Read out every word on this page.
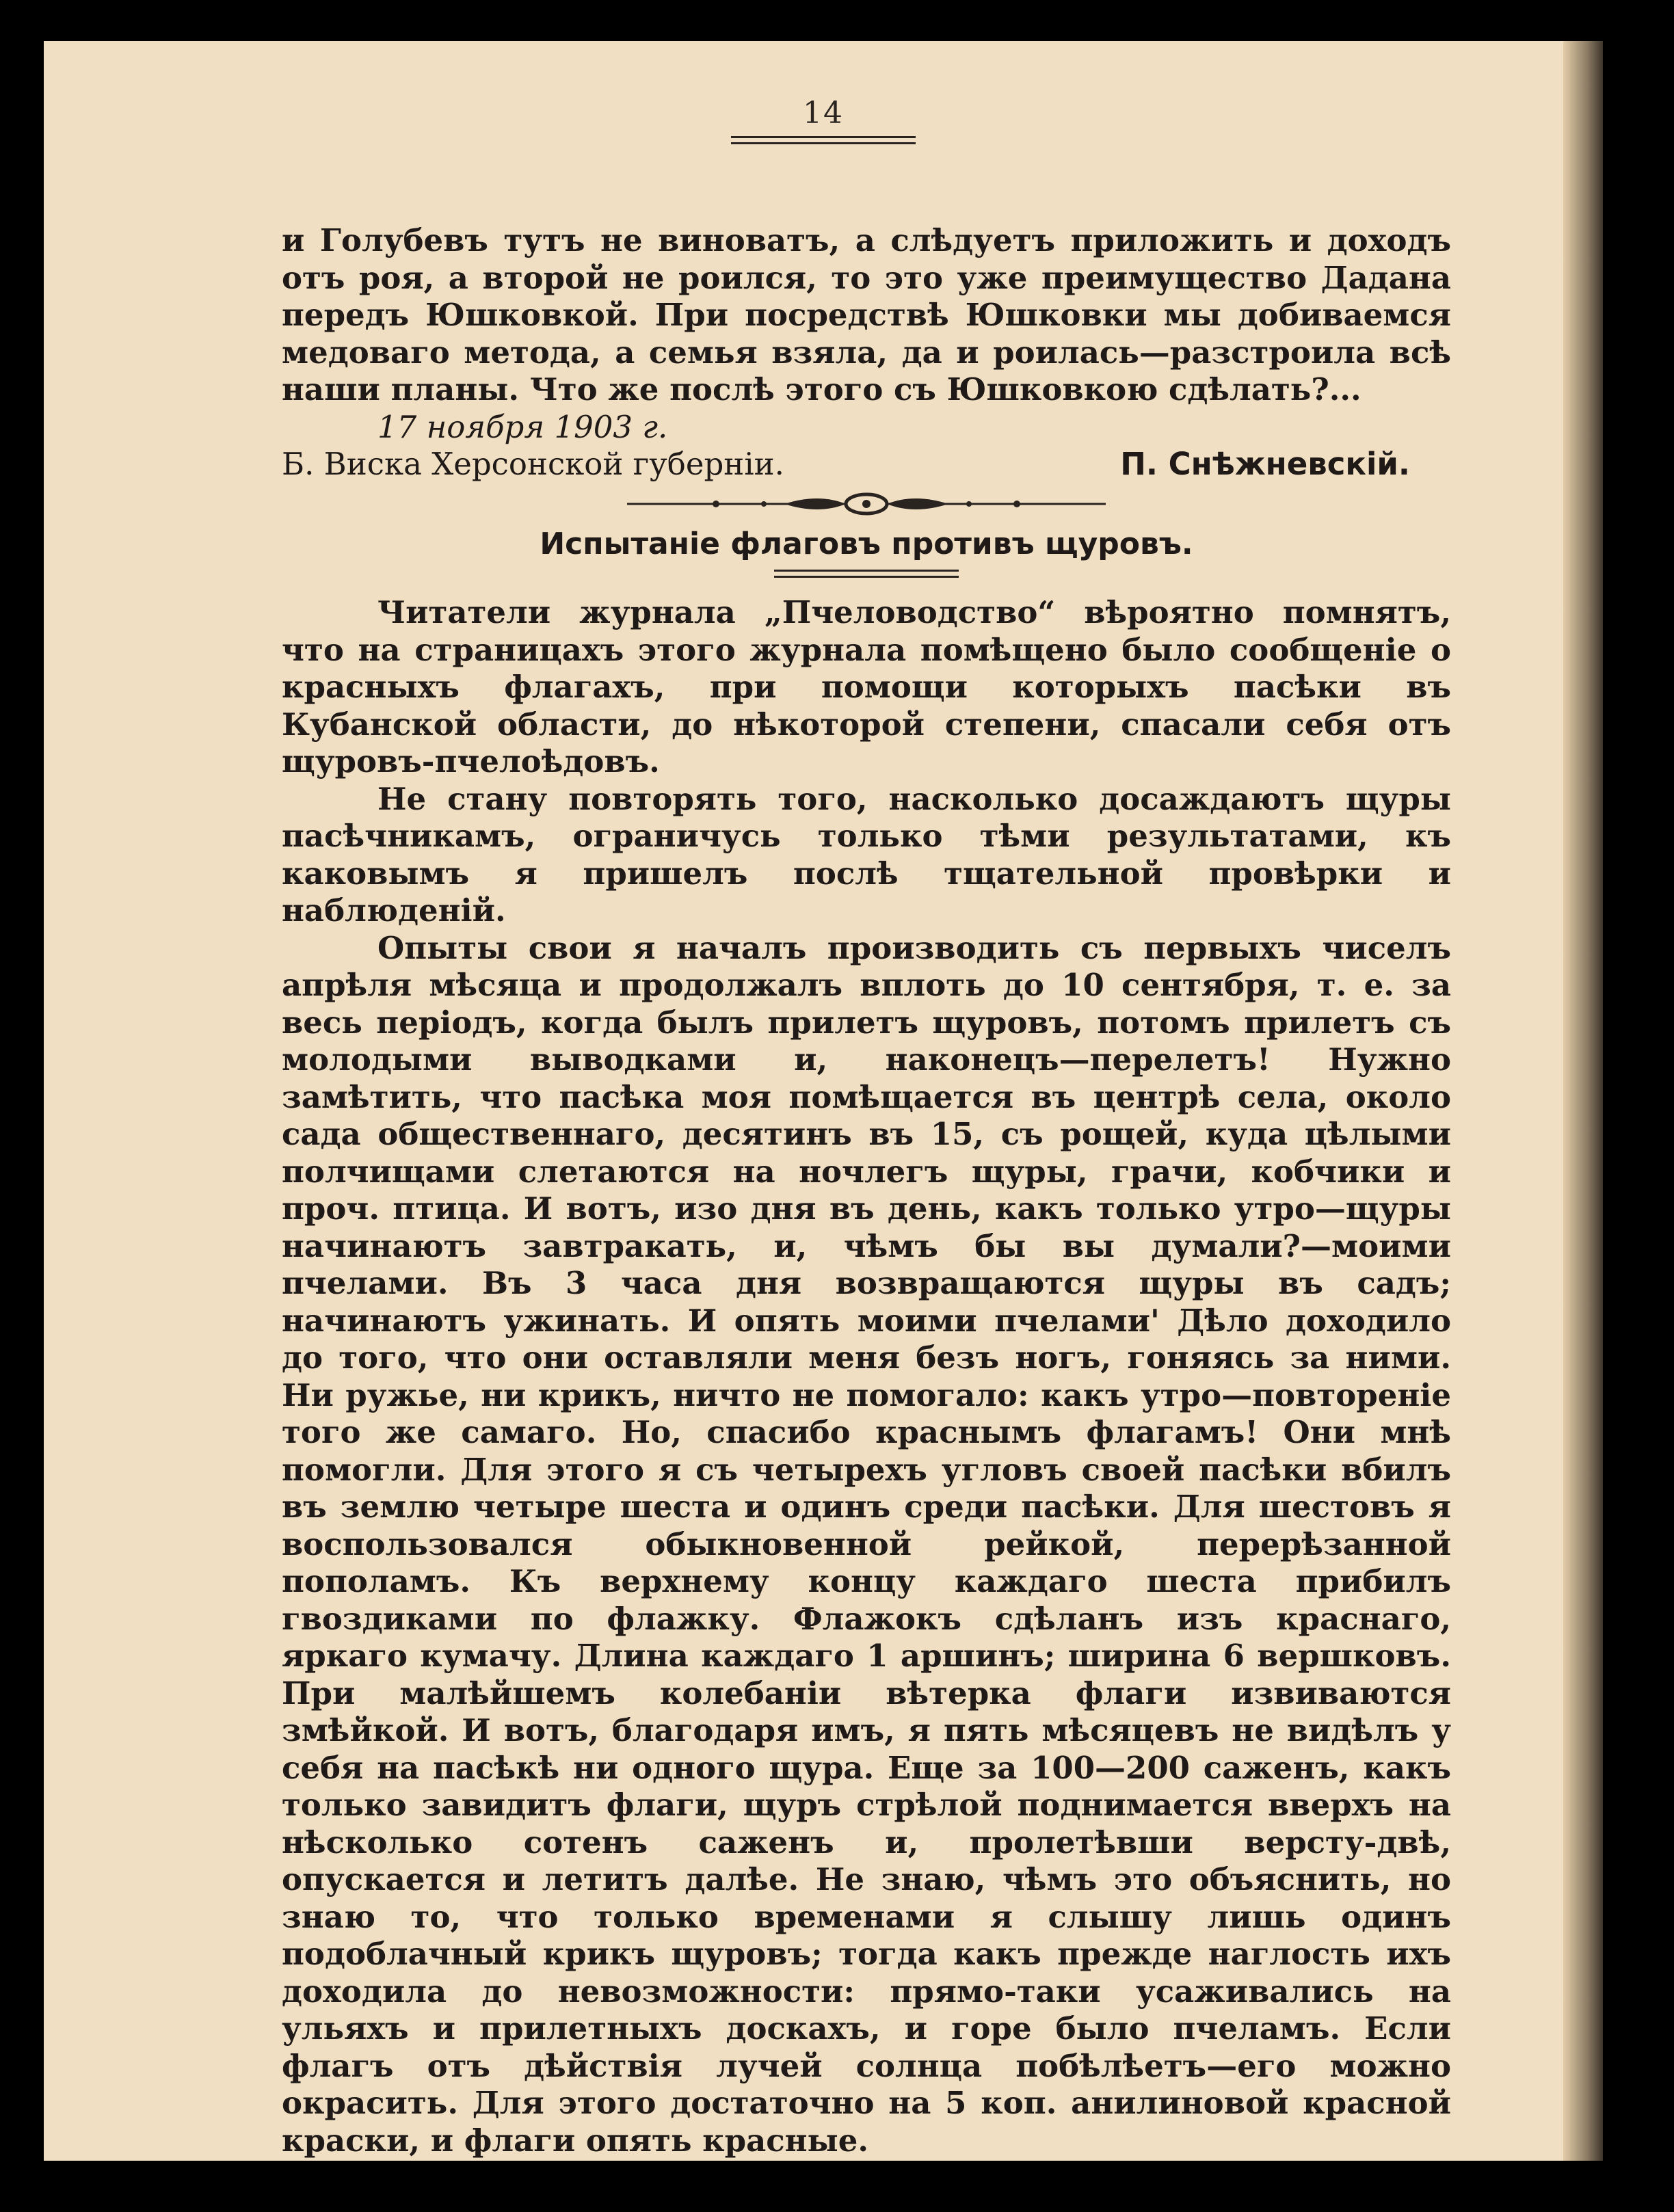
14

и Голубевъ тутъ не виноватъ, а слѣдуетъ приложить и доходъ отъ роя, а второй не роился, то это уже преимущество Дадана передъ Юшковкой. При посредствѣ Юшковки мы добиваемся медоваго метода, а семья взяла, да и роилась—разстроила всѣ наши планы. Что же послѣ этого съ Юшковкою сдѣлать?...

17 ноября 1903 г.

Б. Виска Херсонской губерніи.	П. Снѣжневскій.

Испытаніе флаговъ противъ щуровъ.

Читатели журнала „Пчеловодство“ вѣроятно помнятъ, что на страницахъ этого журнала помѣщено было сообщеніе о красныхъ флагахъ, при помощи которыхъ пасѣки въ Кубанской области, до нѣкоторой степени, спасали себя отъ щуровъ-пчелоѣдовъ.

Не стану повторять того, насколько досаждаютъ щуры пасѣчникамъ, ограничусь только тѣми результатами, къ каковымъ я пришелъ послѣ тщательной провѣрки и наблюденій.

Опыты свои я началъ производить съ первыхъ чиселъ апрѣля мѣсяца и продолжалъ вплоть до 10 сентября, т. е. за весь періодъ, когда былъ прилетъ щуровъ, потомъ прилетъ съ молодыми выводками и, наконецъ—перелетъ! Нужно замѣтить, что пасѣка моя помѣщается въ центрѣ села, около сада общественнаго, десятинъ въ 15, съ рощей, куда цѣлыми полчищами слетаются на ночлегъ щуры, грачи, кобчики и проч. птица. И вотъ, изо дня въ день, какъ только утро—щуры начинаютъ завтракать, и, чѣмъ бы вы думали?—моими пчелами. Въ 3 часа дня возвращаются щуры въ садъ; начинаютъ ужинать. И опять моими пчелами' Дѣло доходило до того, что они оставляли меня безъ ногъ, гоняясь за ними. Ни ружье, ни крикъ, ничто не помогало: какъ утро—повтореніе того же самаго. Но, спасибо краснымъ флагамъ! Они мнѣ помогли. Для этого я съ четырехъ угловъ своей пасѣки вбилъ въ землю четыре шеста и одинъ среди пасѣки. Для шестовъ я воспользовался обыкновенной рейкой, перерѣзанной пополамъ. Къ верхнему концу каждаго шеста прибилъ гвоздиками по флажку. Флажокъ сдѣланъ изъ краснаго, яркаго кумачу. Длина каждаго 1 аршинъ; ширина 6 вершковъ. При малѣйшемъ колебаніи вѣтерка флаги извиваются змѣйкой. И вотъ, благодаря имъ, я пять мѣсяцевъ не видѣлъ у себя на пасѣкѣ ни одного щура. Еще за 100—200 саженъ, какъ только завидитъ флаги, щуръ стрѣлой поднимается вверхъ на нѣсколько сотенъ саженъ и, пролетѣвши версту-двѣ, опускается и летитъ далѣе. Не знаю, чѣмъ это объяснить, но знаю то, что только временами я слышу лишь одинъ подоблачный крикъ щуровъ; тогда какъ прежде наглость ихъ доходила до невозможности: прямо-таки усаживались на ульяхъ и прилетныхъ доскахъ, и горе было пчеламъ. Если флагъ отъ дѣйствія лучей солнца побѣлѣетъ—его можно окрасить. Для этого достаточно на 5 коп. анилиновой красной краски, и флаги опять красные.
